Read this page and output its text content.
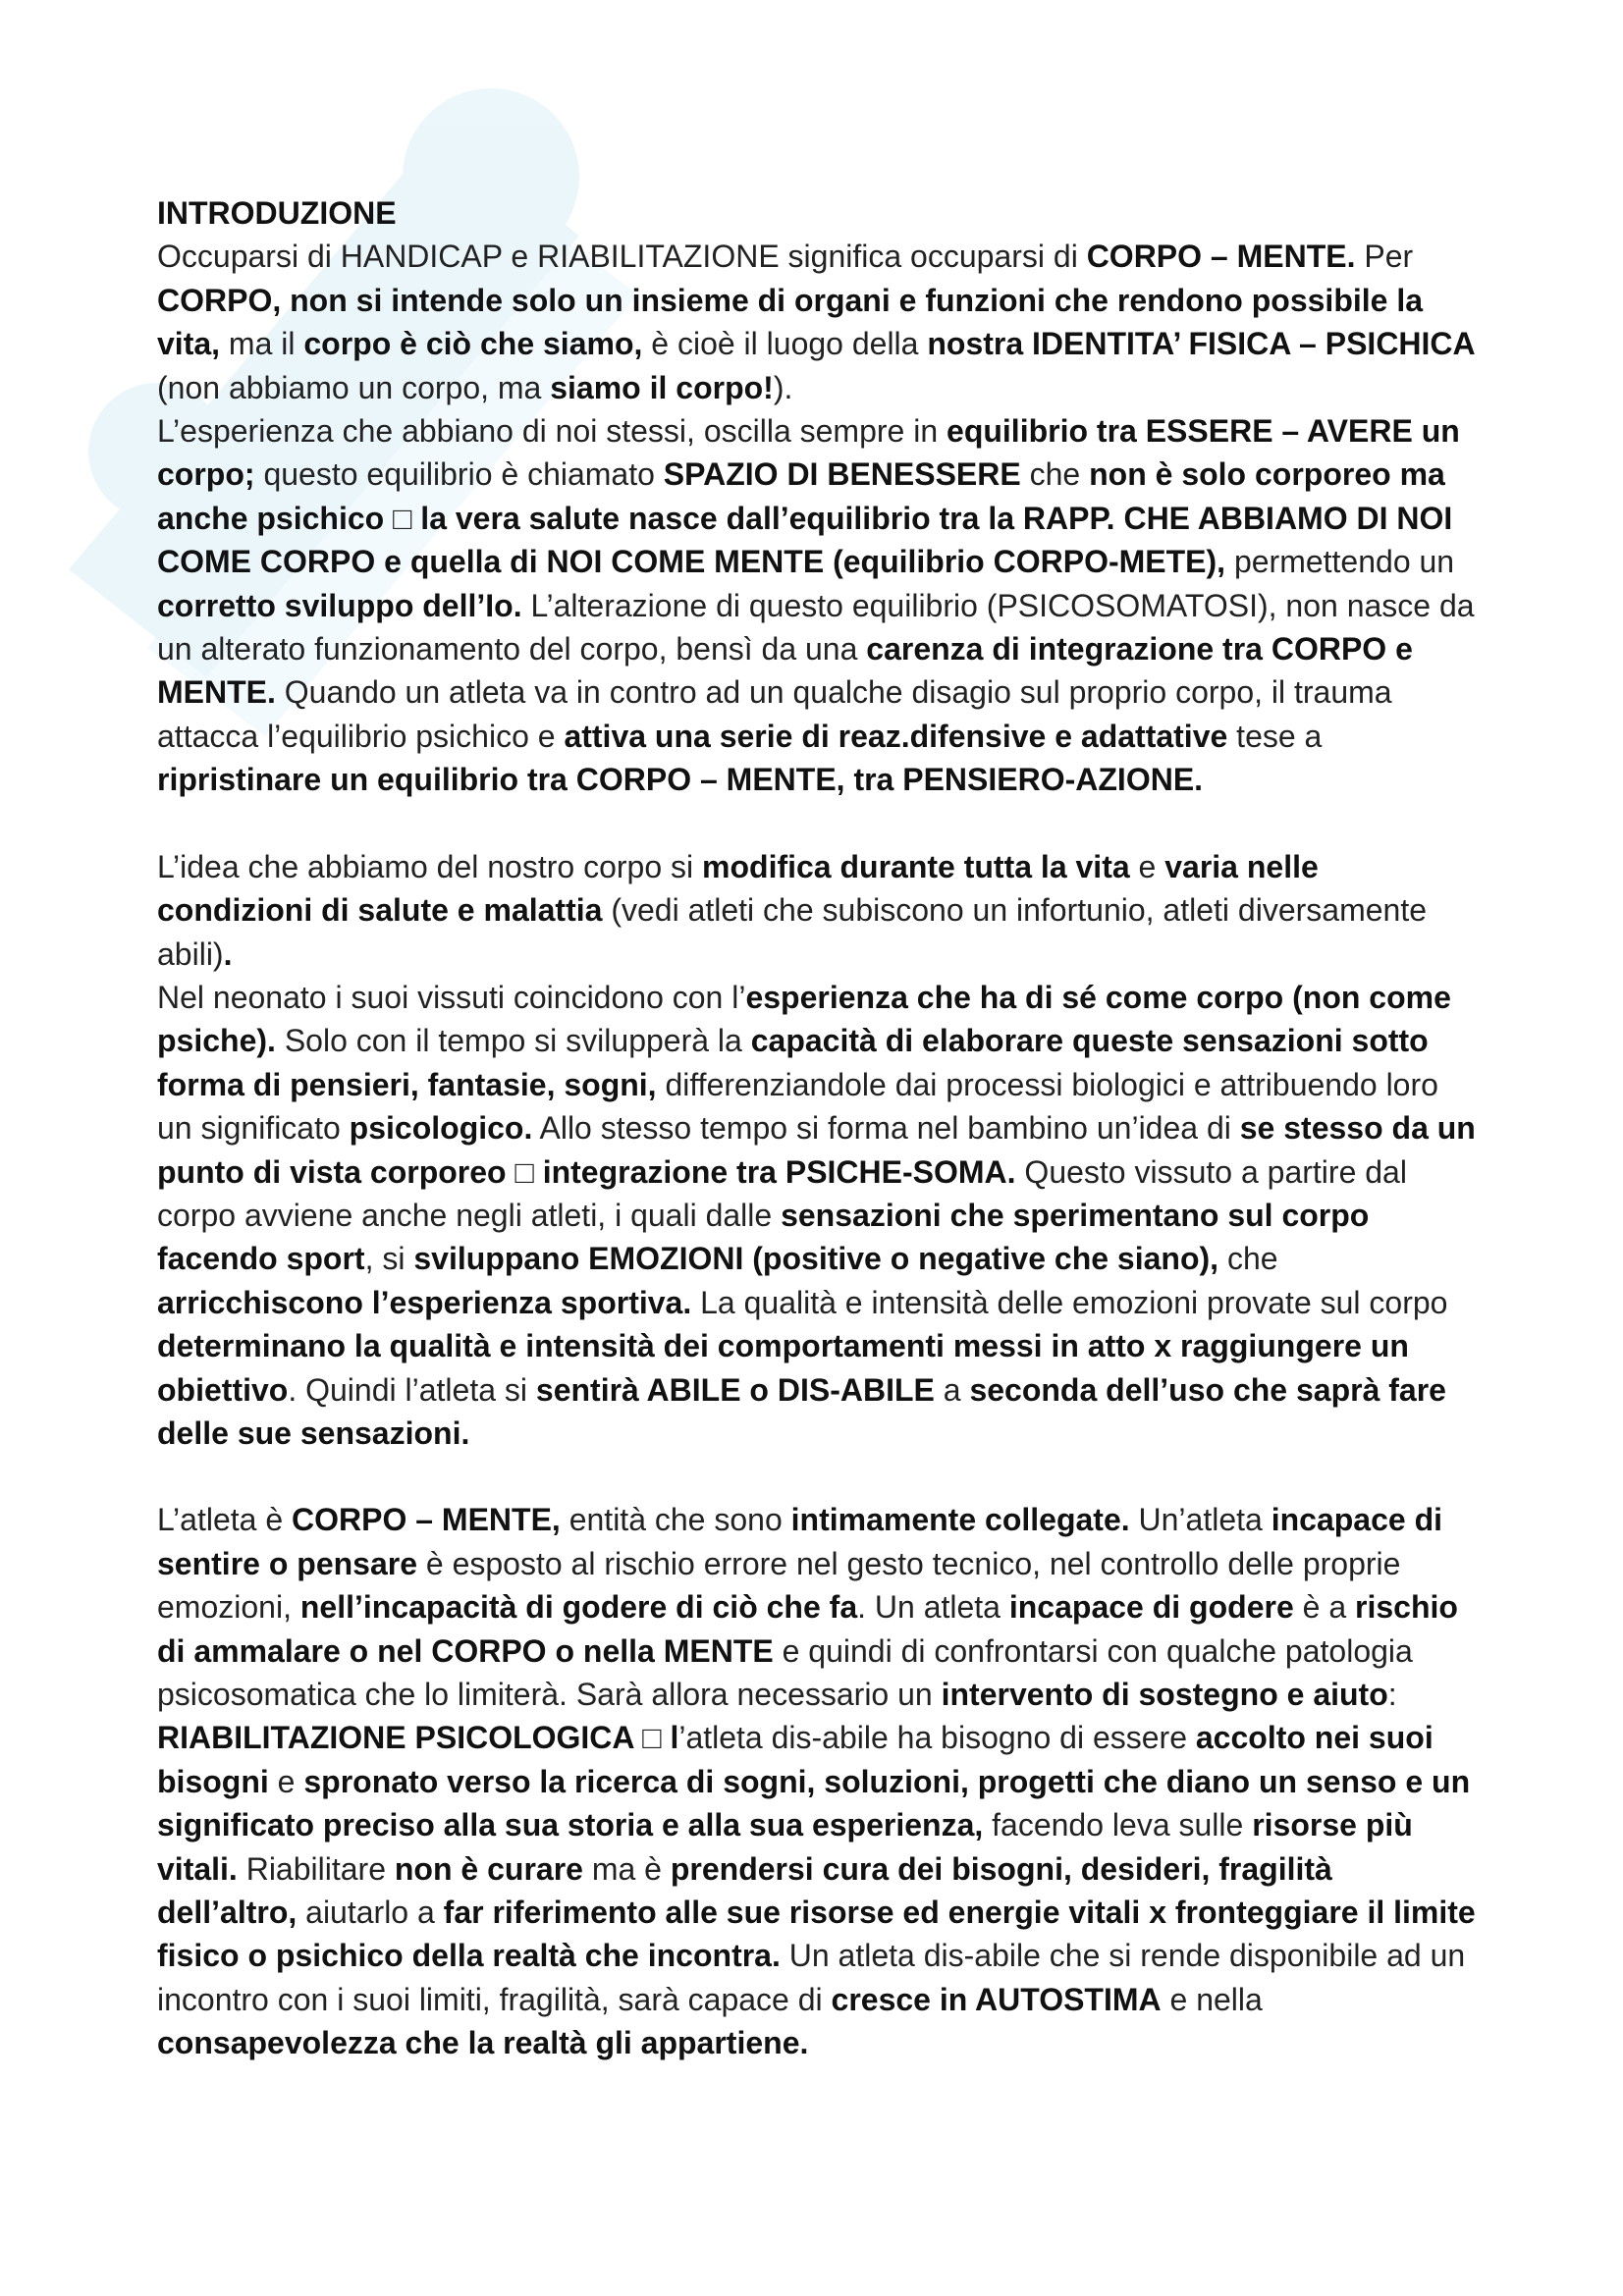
INTRODUZIONE

Occuparsi di HANDICAP e RIABILITAZIONE significa occuparsi di CORPO – MENTE. Per CORPO, non si intende solo un insieme di organi e funzioni che rendono possibile la vita, ma il corpo è ciò che siamo, è cioè il luogo della nostra IDENTITA’ FISICA – PSICHICA (non abbiamo un corpo, ma siamo il corpo!).

L’esperienza che abbiano di noi stessi, oscilla sempre in equilibrio tra ESSERE – AVERE un corpo; questo equilibrio è chiamato SPAZIO DI BENESSERE che non è solo corporeo ma anche psichico □ la vera salute nasce dall’equilibrio tra la RAPP. CHE ABBIAMO DI NOI COME CORPO e quella di NOI COME MENTE (equilibrio CORPO-METE), permettendo un corretto sviluppo dell’Io. L’alterazione di questo equilibrio (PSICOSOMATOSI), non nasce da un alterato funzionamento del corpo, bensì da una carenza di integrazione tra CORPO e MENTE. Quando un atleta va in contro ad un qualche disagio sul proprio corpo, il trauma attacca l’equilibrio psichico e attiva una serie di reaz.difensive e adattative tese a ripristinare un equilibrio tra CORPO – MENTE, tra PENSIERO-AZIONE.

L’idea che abbiamo del nostro corpo si modifica durante tutta la vita e varia nelle condizioni di salute e malattia (vedi atleti che subiscono un infortunio, atleti diversamente abili).

Nel neonato i suoi vissuti coincidono con l’esperienza che ha di sé come corpo (non come psiche). Solo con il tempo si svilupperà la capacità di elaborare queste sensazioni sotto forma di pensieri, fantasie, sogni, differenziandole dai processi biologici e attribuendo loro un significato psicologico. Allo stesso tempo si forma nel bambino un’idea di se stesso da un punto di vista corporeo □ integrazione tra PSICHE-SOMA. Questo vissuto a partire dal corpo avviene anche negli atleti, i quali dalle sensazioni che sperimentano sul corpo facendo sport, si sviluppano EMOZIONI (positive o negative che siano), che arricchiscono l’esperienza sportiva. La qualità e intensità delle emozioni provate sul corpo determinano la qualità e intensità dei comportamenti messi in atto x raggiungere un obiettivo. Quindi l’atleta si sentirà ABILE o DIS-ABILE a seconda dell’uso che saprà fare delle sue sensazioni.

L’atleta è CORPO – MENTE, entità che sono intimamente collegate. Un’atleta incapace di sentire o pensare è esposto al rischio errore nel gesto tecnico, nel controllo delle proprie emozioni, nell’incapacità di godere di ciò che fa. Un atleta incapace di godere è a rischio di ammalare o nel CORPO o nella MENTE e quindi di confrontarsi con qualche patologia psicosomatica che lo limiterà. Sarà allora necessario un intervento di sostegno e aiuto: RIABILITAZIONE PSICOLOGICA □ l’atleta dis-abile ha bisogno di essere accolto nei suoi bisogni e spronato verso la ricerca di sogni, soluzioni, progetti che diano un senso e un significato preciso alla sua storia e alla sua esperienza, facendo leva sulle risorse più vitali. Riabilitare non è curare ma è prendersi cura dei bisogni, desideri, fragilità dell’altro, aiutarlo a far riferimento alle sue risorse ed energie vitali x fronteggiare il limite fisico o psichico della realtà che incontra. Un atleta dis-abile che si rende disponibile ad un incontro con i suoi limiti, fragilità, sarà capace di cresce in AUTOSTIMA e nella consapevolezza che la realtà gli appartiene.
